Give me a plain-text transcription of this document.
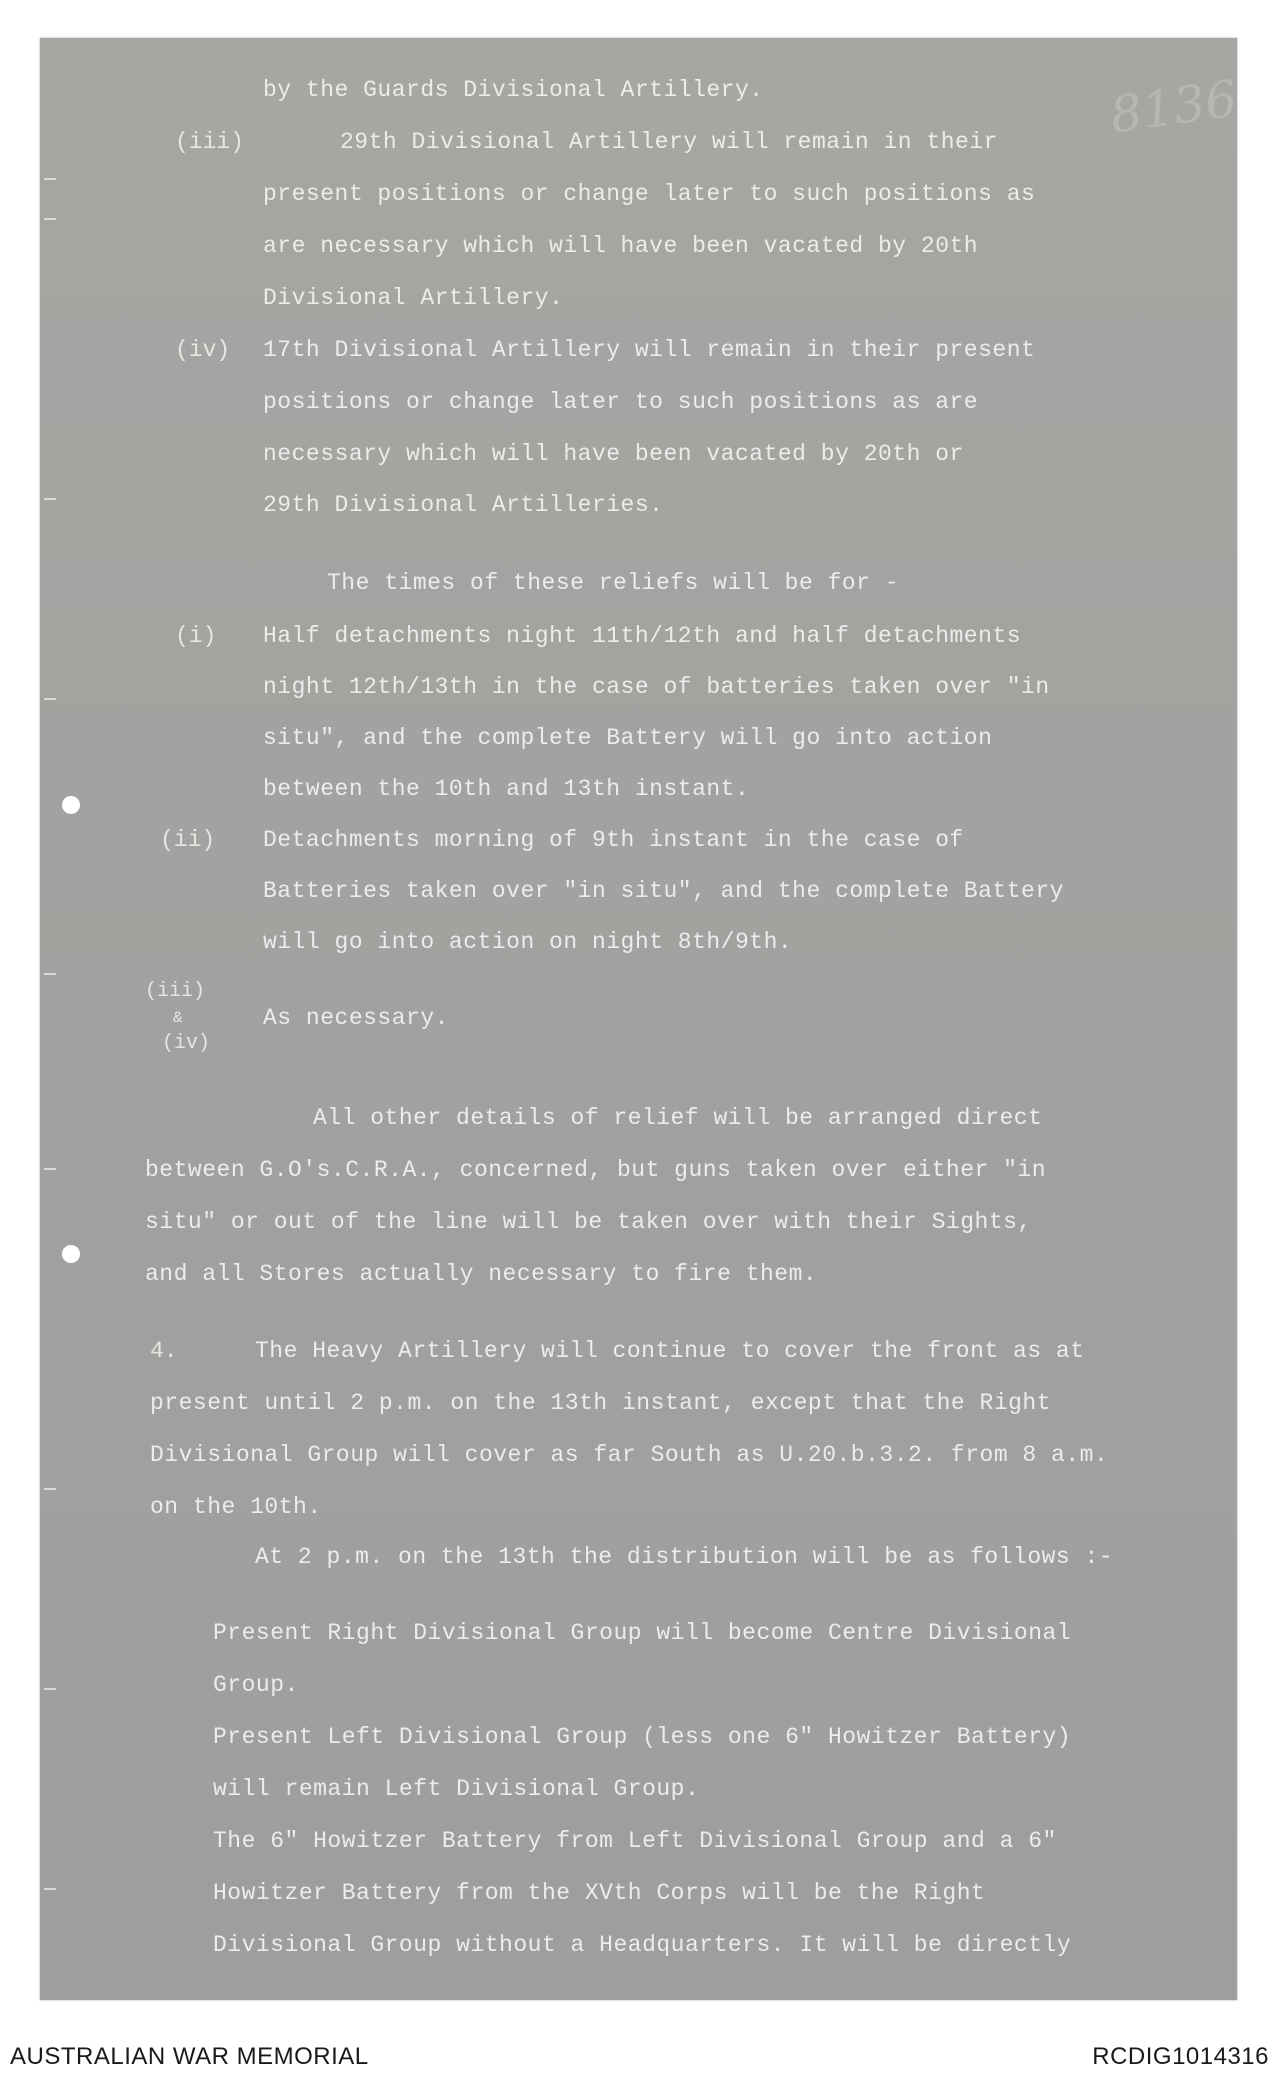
8136
by the Guards Divisional Artillery.
(iii)	29th Divisional Artillery will remain in their
present positions or change later to such positions as
are necessary which will have been vacated by 20th
Divisional Artillery.
(iv) 17th Divisional Artillery will remain in their present
positions or change later to such positions as are
necessary which will have been vacated by 20th or
29th Divisional Artilleries.
The times of these reliefs will be for -
(i) Half detachments night 11th/12th and half detachments
night 12th/13th in the case of batteries taken over "in
situ", and the complete Battery will go into action
between the 10th and 13th instant.
(ii) Detachments morning of 9th instant in the case of
Batteries taken over "in situ", and the complete Battery
will go into action on night 8th/9th.
(iii)
&
(iv)
As necessary.
All other details of relief will be arranged direct
between G.O's.C.R.A., concerned, but guns taken over either "in
situ" or out of the line will be taken over with their Sights,
and all Stores actually necessary to fire them.
4.	The Heavy Artillery will continue to cover the front as at
present until 2 p.m. on the 13th instant, except that the Right
Divisional Group will cover as far South as U.20.b.3.2. from 8 a.m.
on the 10th.
At 2 p.m. on the 13th the distribution will be as follows :-
Present Right Divisional Group will become Centre Divisional
Group.
Present Left Divisional Group (less one 6" Howitzer Battery)
will remain Left Divisional Group.
The 6" Howitzer Battery from Left Divisional Group and a 6"
Howitzer Battery from the XVth Corps will be the Right
Divisional Group without a Headquarters. It will be directly
AUSTRALIAN WAR MEMORIAL	RCDIG1014316
